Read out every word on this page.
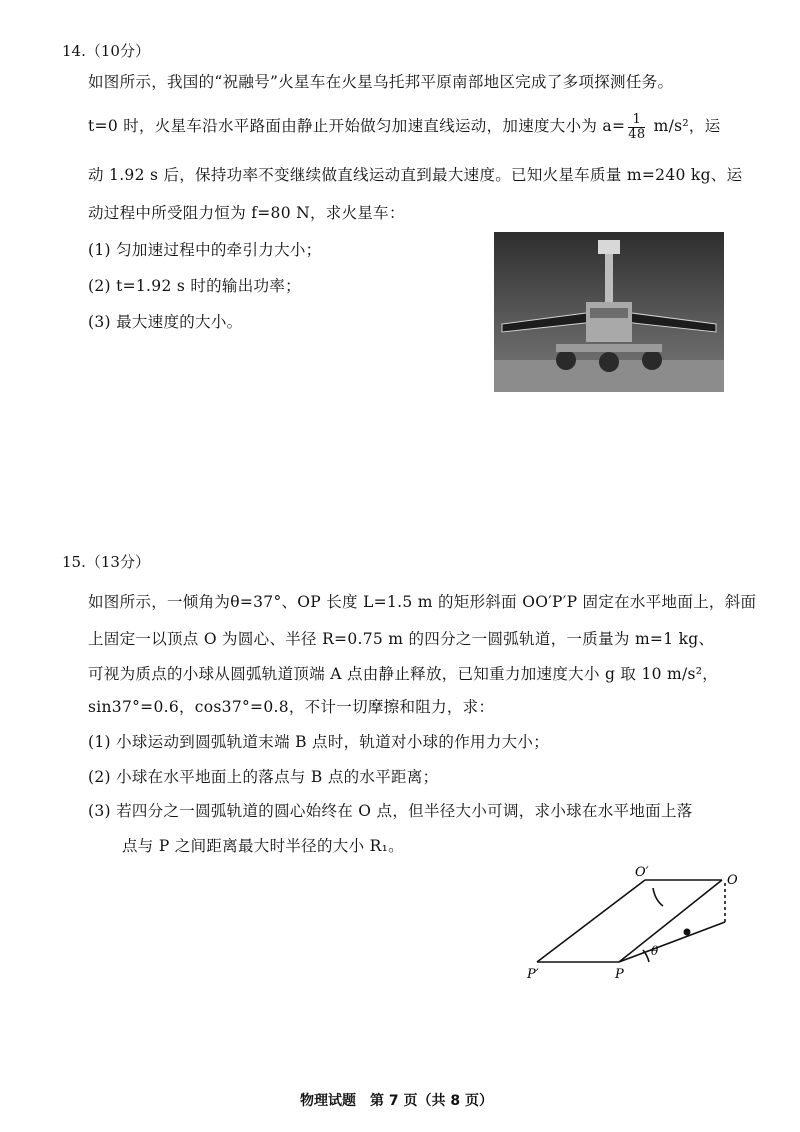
14.（10分）
如图所示，我国的“祝融号”火星车在火星乌托邦平原南部地区完成了多项探测任务。
t=0 时，火星车沿水平路面由静止开始做匀加速直线运动，加速度大小为 $a= \frac{1}{48} m/s^2$，运
动 1.92 s 后，保持功率不变继续做直线运动直到最大速度。已知火星车质量 m=240 kg、运
动过程中所受阻力恒为 f=80 N，求火星车：
(1) 匀加速过程中的牵引力大小；
(2) t=1.92 s 时的输出功率；
(3) 最大速度的大小。
15.（13分）
如图所示，一倾角为θ=37°、OP 长度 L=1.5 m 的矩形斜面 OO′P′P 固定在水平地面上，斜面
上固定一以顶点 O 为圆心、半径 R=0.75 m 的四分之一圆弧轨道，一质量为 m=1 kg、
可视为质点的小球从圆弧轨道顶端 A 点由静止释放，已知重力加速度大小 g 取 10 m/s²，
sin37°=0.6，cos37°=0.8，不计一切摩擦和阻力，求：
(1) 小球运动到圆弧轨道末端 B 点时，轨道对小球的作用力大小；
(2) 小球在水平地面上的落点与 B 点的水平距离；
(3) 若四分之一圆弧轨道的圆心始终在 O 点，但半径大小可调，求小球在水平地面上落
点与 P 之间距离最大时半径的大小 R₁。
O′
O
P′	P
θ
物理试题　第 7 页（共 8 页）
